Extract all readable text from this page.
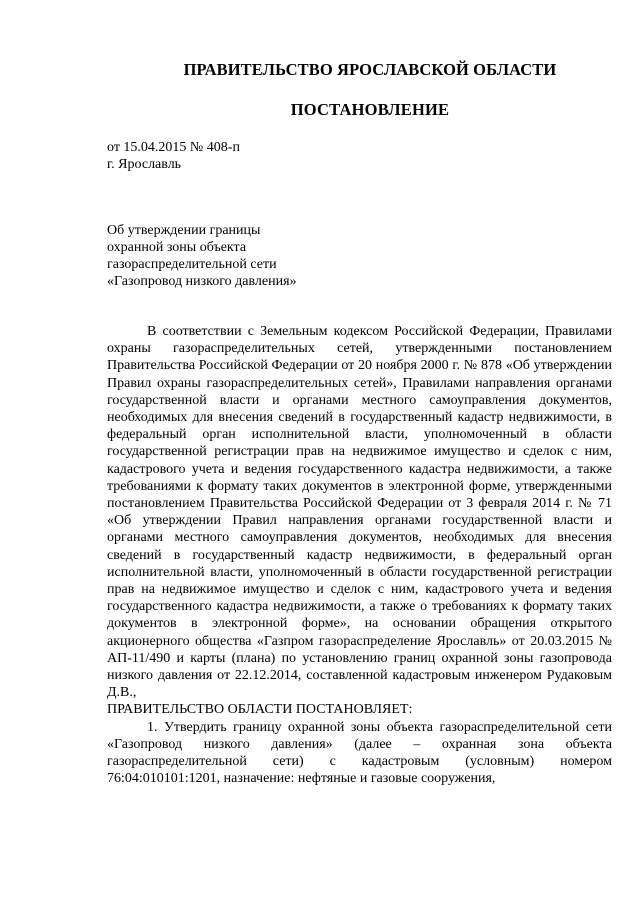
ПРАВИТЕЛЬСТВО ЯРОСЛАВСКОЙ ОБЛАСТИ
ПОСТАНОВЛЕНИЕ
от 15.04.2015 № 408-п
г. Ярославль
Об утверждении границы
охранной зоны объекта
газораспределительной сети
«Газопровод низкого давления»

В соответствии с Земельным кодексом Российской Федерации, Правилами охраны газораспределительных сетей, утвержденными постановлением Правительства Российской Федерации от 20 ноября 2000 г. № 878 «Об утверждении Правил охраны газораспределительных сетей», Правилами направления органами государственной власти и органами местного самоуправления документов, необходимых для внесения сведений в государственный кадастр недвижимости, в федеральный орган исполнительной власти, уполномоченный в области государственной регистрации прав на недвижимое имущество и сделок с ним, кадастрового учета и ведения государственного кадастра недвижимости, а также требованиями к формату таких документов в электронной форме, утвержденными постановлением Правительства Российской Федерации от 3 февраля 2014 г. № 71 «Об утверждении Правил направления органами государственной власти и органами местного самоуправления документов, необходимых для внесения сведений в государственный кадастр недвижимости, в федеральный орган исполнительной власти, уполномоченный в области государственной регистрации прав на недвижимое имущество и сделок с ним, кадастрового учета и ведения государственного кадастра недвижимости, а также о требованиях к формату таких документов в электронной форме», на основании обращения открытого акционерного общества «Газпром газораспределение Ярославль» от 20.03.2015 № АП-11/490 и карты (плана) по установлению границ охранной зоны газопровода низкого давления от 22.12.2014, составленной кадастровым инженером Рудаковым Д.В.,

ПРАВИТЕЛЬСТВО ОБЛАСТИ ПОСТАНОВЛЯЕТ:

1. Утвердить границу охранной зоны объекта газораспределительной сети «Газопровод низкого давления» (далее – охранная зона объекта газораспределительной сети) с кадастровым (условным) номером 76:04:010101:1201, назначение: нефтяные и газовые сооружения,
